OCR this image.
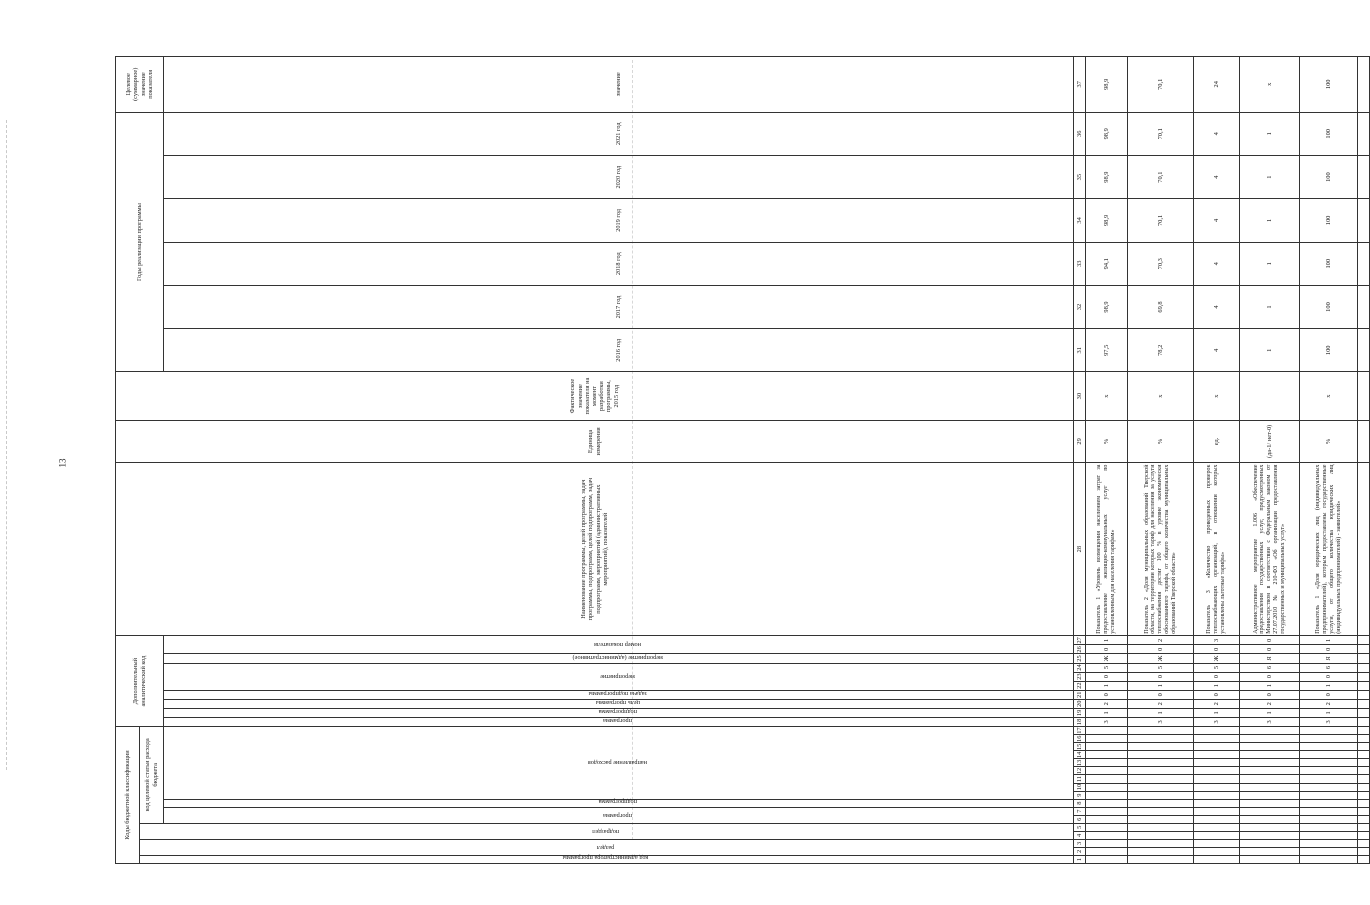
13
Коды бюджетной классификации																	Дополнительный аналитический код										Наименование программы, целей программы, задач программы, подпрограмм, целей подпрограмм, задач подпрограмм, мероприятий (административных мероприятий), показателей	Единица измерения	Фактическое значение показателя на момент разработки программы, 2015 год	Годы реализации программы						Целевое (суммарное) значение показателя
код администратора программы	раздел		подраздел		код целевой статьи расхода бюджета																															
					программа		подпрограмма	направление расходов									программа	подпрограмма	цель программы	задача подпрограммы	мероприятие			мероприятие (административное)	номер показателя					2016 год	2017 год	2018 год	2019 год	2020 год	2021 год	значение
1	2	3	4	5	6	7	8	9	10	11	12	13	14	15	16	17	18	19	20	21	22	23	24	25	26	27	28	29	30	31	32	33	34	35	36	37
																	3	1	2	0	1	0	5	Ж	0	1	Показатель 1 «Уровень возмещения населением затрат за предоставление жилищно-коммунальных услуг по установленным для населения тарифам»	%	х	97,5	98,9	94,1	98,9	98,9	98,9	98,9
																	3	1	2	0	1	0	5	Ж	0	2	Показатель 2 «Доля муниципальных образований Тверской области, на территории которых тариф для населения за услуги теплоснабжения достиг 100 % в уровне экономически обоснованного тарифа, от общего количества муниципальных образований Тверской области»	%	х	78,2	69,8	70,3	70,1	70,1	70,1	70,1
																	3	1	2	0	1	0	5	Ж	0	3	Показатель 3 «Количество проведенных проверок теплоснабжающих организаций, в отношении которых установлены льготные тарифы»	ед.	х	4	4	4	4	4	4	24
																	3	1	2	0	1	0	6	Я	0	0	Административное мероприятие 1.006 «Обеспечение предоставления государственных услуг, предусмотренных Министерством в соответствии с Федеральным законом от 27.07.2010 № 210-ФЗ «Об организации предоставления государственных и муниципальных услуг»	(да-1/ нет-0)		1	1	1	1	1	1	х
																	3	1	2	0	1	0	6	Я	0	1	Показатель 1 «Доля юридических лиц (индивидуальных предпринимателей), которым предоставлены государственные услуги, от общего количества юридических лиц (индивидуальных предпринимателей) - заявителей»	%	х	100	100	100	100	100	100	100
